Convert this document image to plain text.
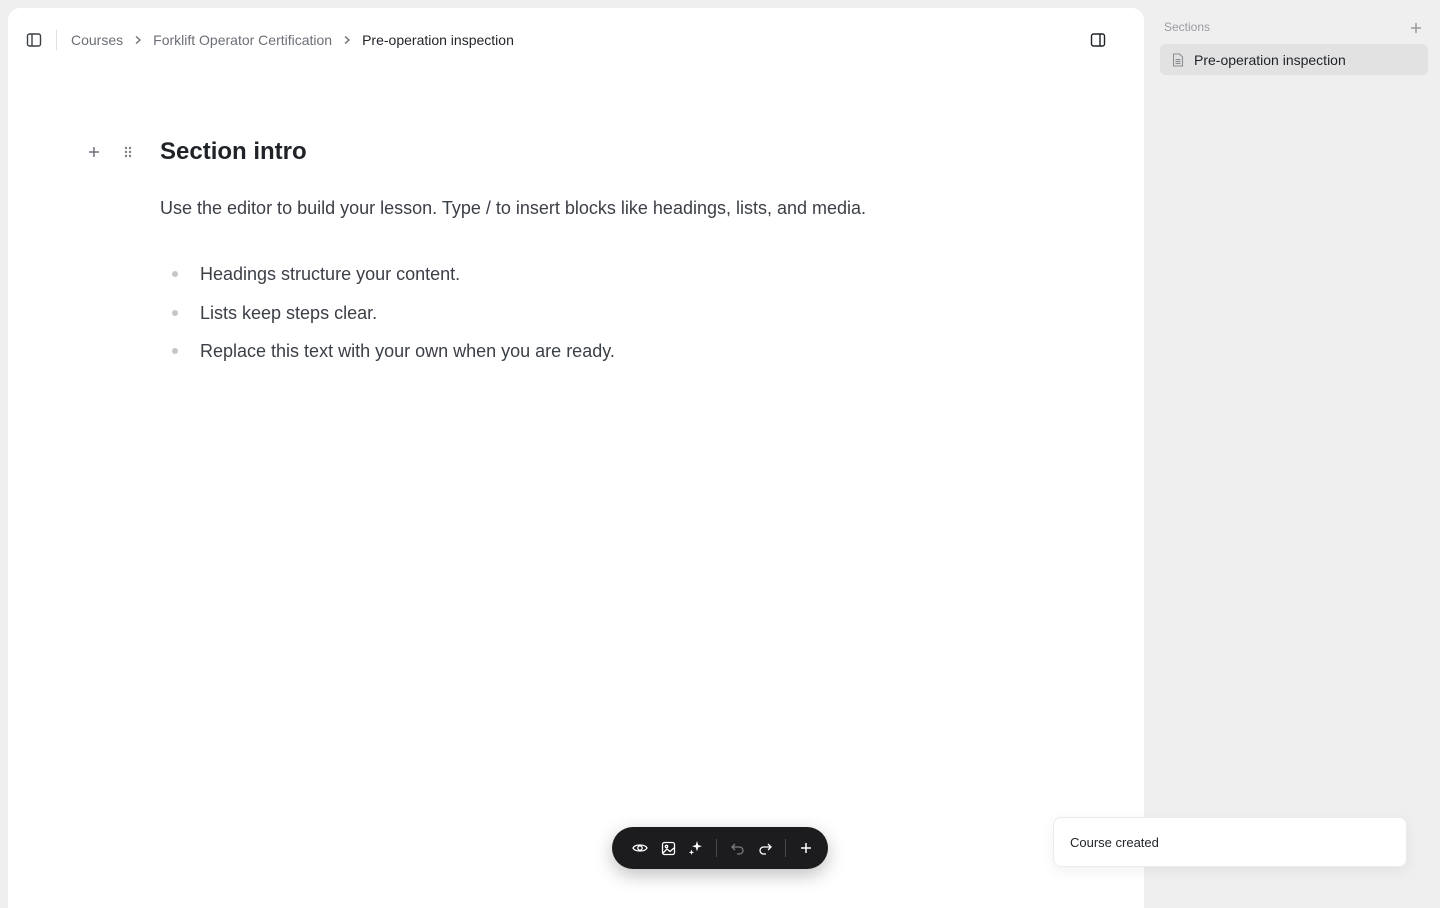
Courses Forklift Operator Certification Pre-operation inspection
Section intro

Use the editor to build your lesson. Type / to insert blocks like headings, lists, and media.

Headings structure your content.
Lists keep steps clear.
Replace this text with your own when you are ready.
Sections
Pre-operation inspection
Course created
